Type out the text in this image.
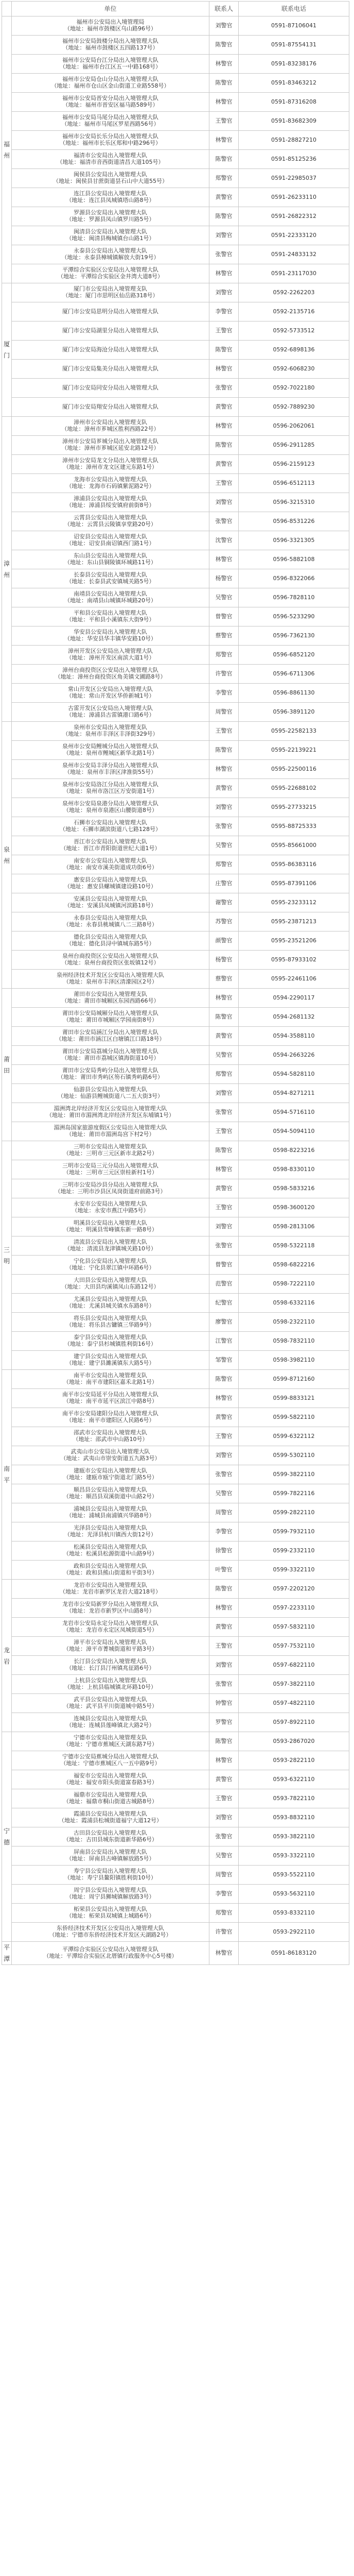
	单位	联系人	联系电话
福州	福州市公安局出入境管理局
（地址：福州市鼓楼区乌山路96号）	刘警官	0591-87106041

	福州市公安局鼓楼分局出入境管理大队
（地址：福州市鼓楼区五四路137号）	陈警官	0591-87554131

	福州市公安局台江分局出入境管理大队
（地址：福州市台江区五一中路168号）	林警官	0591-83238176

	福州市公安局仓山分局出入境管理大队
（地址：福州市仓山区金山街道工业路558号）	陈警官	0591-83463212

	福州市公安局晋安分局出入境管理大队
（地址：福州市晋安区福马路589号）	林警官	0591-87316208

	福州市公安局马尾分局出入境管理大队
（地址：福州市马尾区罗星西路56号）	王警官	0591-83682309

	福州市公安局长乐分局出入境管理大队
（地址：福州市长乐区郑和中路296号）	林警官	0591-28827210

	福清市公安局出入境管理大队
（地址：福清市音西街道清昌大道105号）	陈警官	0591-85125236

	闽侯县公安局出入境管理大队
（地址：闽侯县甘蔗街道昙石山中大道55号）	郑警官	0591-22985037

	连江县公安局出入境管理大队
（地址：连江县凤城镇塔山路8号）	黄警官	0591-26233110

	罗源县公安局出入境管理大队
（地址：罗源县凤山镇罗川路5号）	陈警官	0591-26822312

	闽清县公安局出入境管理大队
（地址：闽清县梅城镇台山路1号）	刘警官	0591-22333120

	永泰县公安局出入境管理大队
（地址：永泰县樟城镇解放大街19号）	张警官	0591-24833132

	平潭综合实验区公安局出入境管理大队
（地址：平潭综合实验区金井湾大道8号）	林警官	0591-23117030
厦门	厦门市公安局出入境管理支队
（地址：厦门市思明区仙岳路318号）	刘警官	0592-2262203

	厦门市公安局思明分局出入境管理大队	李警官	0592-2135716

	厦门市公安局湖里分局出入境管理大队	王警官	0592-5733512

	厦门市公安局海沧分局出入境管理大队	陈警官	0592-6898136

	厦门市公安局集美分局出入境管理大队	林警官	0592-6068230

	厦门市公安局同安分局出入境管理大队	张警官	0592-7022180

	厦门市公安局翔安分局出入境管理大队	黄警官	0592-7889230
漳州	漳州市公安局出入境管理支队
（地址：漳州市芗城区胜利西路22号）	林警官	0596-2062061

	漳州市公安局芗城分局出入境管理大队
（地址：漳州市芗城区延安北路12号）	陈警官	0596-2911285

	漳州市公安局龙文分局出入境管理大队
（地址：漳州市龙文区建元东路1号）	黄警官	0596-2159123

	龙海市公安局出入境管理大队
（地址：龙海市石码镇紫泥路2号）	王警官	0596-6512113

	漳浦县公安局出入境管理大队
（地址：漳浦县绥安镇府前街8号）	刘警官	0596-3215310

	云霄县公安局出入境管理大队
（地址：云霄县云陵镇享堂路20号）	张警官	0596-8531226

	诏安县公安局出入境管理大队
（地址：诏安县南诏镇西门路1号）	沈警官	0596-3321305

	东山县公安局出入境管理大队
（地址：东山县铜陵镇环城路11号）	林警官	0596-5882108

	长泰县公安局出入境管理大队
（地址：长泰县武安镇城关路5号）	杨警官	0596-8322066

	南靖县公安局出入境管理大队
（地址：南靖县山城镇环城路20号）	吴警官	0596-7828110

	平和县公安局出入境管理大队
（地址：平和县小溪镇东大街9号）	曾警官	0596-5233290

	华安县公安局出入境管理大队
（地址：华安县华丰镇华安路10号）	蔡警官	0596-7362130

	漳州开发区公安局出入境管理大队
（地址：漳州开发区南滨大道1号）	郑警官	0596-6852120

	漳州台商投资区公安局出入境管理大队
（地址：漳州台商投资区角美镇文圃路8号）	许警官	0596-6711306

	常山开发区公安局出入境管理大队
（地址：常山开发区华侨新城1号）	李警官	0596-8861130

	古雷开发区公安局出入境管理大队
（地址：漳浦县古雷镇港口路6号）	周警官	0596-3891120
泉州	泉州市公安局出入境管理支队
（地址：泉州市丰泽区丰泽街329号）	王警官	0595-22582133

	泉州市公安局鲤城分局出入境管理大队
（地址：泉州市鲤城区新华北路1号）	陈警官	0595-22139221

	泉州市公安局丰泽分局出入境管理大队
（地址：泉州市丰泽区津淮街55号）	林警官	0595-22500116

	泉州市公安局洛江分局出入境管理大队
（地址：泉州市洛江区万安街道1号）	黄警官	0595-22688102

	泉州市公安局泉港分局出入境管理大队
（地址：泉州市泉港区山腰街道8号）	刘警官	0595-27733215

	石狮市公安局出入境管理大队
（地址：石狮市湖滨街道八七路128号）	张警官	0595-88725333

	晋江市公安局出入境管理大队
（地址：晋江市青阳街道世纪大道1号）	吴警官	0595-85661000

	南安市公安局出入境管理大队
（地址：南安市溪美街道成功街6号）	郑警官	0595-86383116

	惠安县公安局出入境管理大队
（地址：惠安县螺城镇建设路10号）	庄警官	0595-87391106

	安溪县公安局出入境管理大队
（地址：安溪县凤城镇河滨路18号）	谢警官	0595-23233112

	永春县公安局出入境管理大队
（地址：永春县桃城镇八二三路8号）	苏警官	0595-23871213

	德化县公安局出入境管理大队
（地址：德化县浔中镇城东路5号）	颜警官	0595-23521206

	泉州台商投资区公安局出入境管理大队
（地址：泉州台商投资区张坂镇12号）	杨警官	0595-87933102

	泉州经济技术开发区公安局出入境管理大队
（地址：泉州市丰泽区清濛园区2号）	蔡警官	0595-22461106
莆田	莆田市公安局出入境管理支队
（地址：莆田市城厢区东园西路66号）	林警官	0594-2290117

	莆田市公安局城厢分局出入境管理大队
（地址：莆田市城厢区学园南街8号）	陈警官	0594-2681132

	莆田市公安局涵江分局出入境管理大队
（地址：莆田市涵江区白塘镇江口路18号）	黄警官	0594-3588110

	莆田市公安局荔城分局出入境管理大队
（地址：莆田市荔城区镇海街道10号）	吴警官	0594-2663226

	莆田市公安局秀屿分局出入境管理大队
（地址：莆田市秀屿区笏石镇秀屿路6号）	郑警官	0594-5828110

	仙游县公安局出入境管理大队
（地址：仙游县鲤城街道八二五大街3号）	刘警官	0594-8271211

	湄洲湾北岸经济开发区公安局出入境管理大队
（地址：莆田市湄洲湾北岸经济开发区东埔镇1号）	张警官	0594-5716110

	湄洲岛国家旅游度假区公安局出入境管理大队
（地址：莆田市湄洲岛宫下村2号）	王警官	0594-5094110
三明	三明市公安局出入境管理支队
（地址：三明市三元区新市北路2号）	陈警官	0598-8223216

	三明市公安局三元分局出入境管理大队
（地址：三明市三元区崇桂新村1号）	林警官	0598-8330110

	三明市公安局沙县分局出入境管理大队
（地址：三明市沙县区凤岗街道府前路3号）	黄警官	0598-5833216

	永安市公安局出入境管理大队
（地址：永安市燕江中路5号）	王警官	0598-3600120

	明溪县公安局出入境管理大队
（地址：明溪县雪峰镇东新一路8号）	刘警官	0598-2813106

	清流县公安局出入境管理大队
（地址：清流县龙津镇城关路10号）	张警官	0598-5322118

	宁化县公安局出入境管理大队
（地址：宁化县翠江镇中环路6号）	曾警官	0598-6822216

	大田县公安局出入境管理大队
（地址：大田县均溪镇凤山东路12号）	范警官	0598-7222110

	尤溪县公安局出入境管理大队
（地址：尤溪县城关镇水东路8号）	纪警官	0598-6332116

	将乐县公安局出入境管理大队
（地址：将乐县古镛镇三华路9号）	廖警官	0598-2322110

	泰宁县公安局出入境管理大队
（地址：泰宁县杉城镇胜利街16号）	江警官	0598-7832110

	建宁县公安局出入境管理大队
（地址：建宁县濉溪镇东大路5号）	邹警官	0598-3982110
南平	南平市公安局出入境管理支队
（地址：南平市建阳区嘉禾北路1号）	陈警官	0599-8712160

	南平市公安局延平分局出入境管理大队
（地址：南平市延平区滨江中路8号）	林警官	0599-8833121

	南平市公安局建阳分局出入境管理大队
（地址：南平市建阳区人民路6号）	黄警官	0599-5822110

	邵武市公安局出入境管理大队
（地址：邵武市中山路10号）	王警官	0599-6322112

	武夷山市公安局出入境管理大队
（地址：武夷山市崇安街道五九路3号）	刘警官	0599-5302110

	建瓯市公安局出入境管理大队
（地址：建瓯市瓯宁街道北门路5号）	张警官	0599-3822110

	顺昌县公安局出入境管理大队
（地址：顺昌县双溪街道中山路2号）	吴警官	0599-7822116

	浦城县公安局出入境管理大队
（地址：浦城县南浦镇兴华路8号）	周警官	0599-2822110

	光泽县公安局出入境管理大队
（地址：光泽县杭川镇西大街12号）	李警官	0599-7932110

	松溪县公安局出入境管理大队
（地址：松溪县松源街道中山路9号）	徐警官	0599-2332110

	政和县公安局出入境管理大队
（地址：政和县熊山街道和平街3号）	叶警官	0599-3322110
龙岩	龙岩市公安局出入境管理支队
（地址：龙岩市新罗区龙岩大道218号）	陈警官	0597-2202120

	龙岩市公安局新罗分局出入境管理大队
（地址：龙岩市新罗区中山路8号）	林警官	0597-2233110

	龙岩市公安局永定分局出入境管理大队
（地址：龙岩市永定区凤城街道5号）	黄警官	0597-5832110

	漳平市公安局出入境管理大队
（地址：漳平市菁城街道和平路3号）	王警官	0597-7532110

	长汀县公安局出入境管理大队
（地址：长汀县汀州镇兆征路6号）	刘警官	0597-6822110

	上杭县公安局出入境管理大队
（地址：上杭县临城镇北环路10号）	张警官	0597-3822110

	武平县公安局出入境管理大队
（地址：武平县平川街道城中路5号）	钟警官	0597-4822110

	连城县公安局出入境管理大队
（地址：连城县莲峰镇北大路2号）	罗警官	0597-8922110
宁德	宁德市公安局出入境管理支队
（地址：宁德市蕉城区天湖东路7号）	陈警官	0593-2867020

	宁德市公安局蕉城分局出入境管理大队
（地址：宁德市蕉城区八一五中路9号）	林警官	0593-2822110

	福安市公安局出入境管理大队
（地址：福安市阳头街道富春路3号）	黄警官	0593-6322110

	福鼎市公安局出入境管理大队
（地址：福鼎市桐山街道古城路8号）	王警官	0593-7822110

	霞浦县公安局出入境管理大队
（地址：霞浦县松城街道福宁大道12号）	刘警官	0593-8832110

	古田县公安局出入境管理大队
（地址：古田县城东街道新华路6号）	张警官	0593-3822110

	屏南县公安局出入境管理大队
（地址：屏南县古峰镇解放路5号）	吴警官	0593-3322110

	寿宁县公安局出入境管理大队
（地址：寿宁县鳌阳镇胜利街10号）	周警官	0593-5522110

	周宁县公安局出入境管理大队
（地址：周宁县狮城镇解放路3号）	李警官	0593-5632110

	柘荣县公安局出入境管理大队
（地址：柘荣县双城镇上城路6号）	郑警官	0593-8332110

	东侨经济技术开发区公安局出入境管理大队
（地址：宁德市东侨经济技术开发区天湖路2号）	许警官	0593-2922110
平潭	平潭综合实验区公安局出入境管理支队
（地址：平潭综合实验区北厝镇行政服务中心5号楼）	林警官	0591-86183120
